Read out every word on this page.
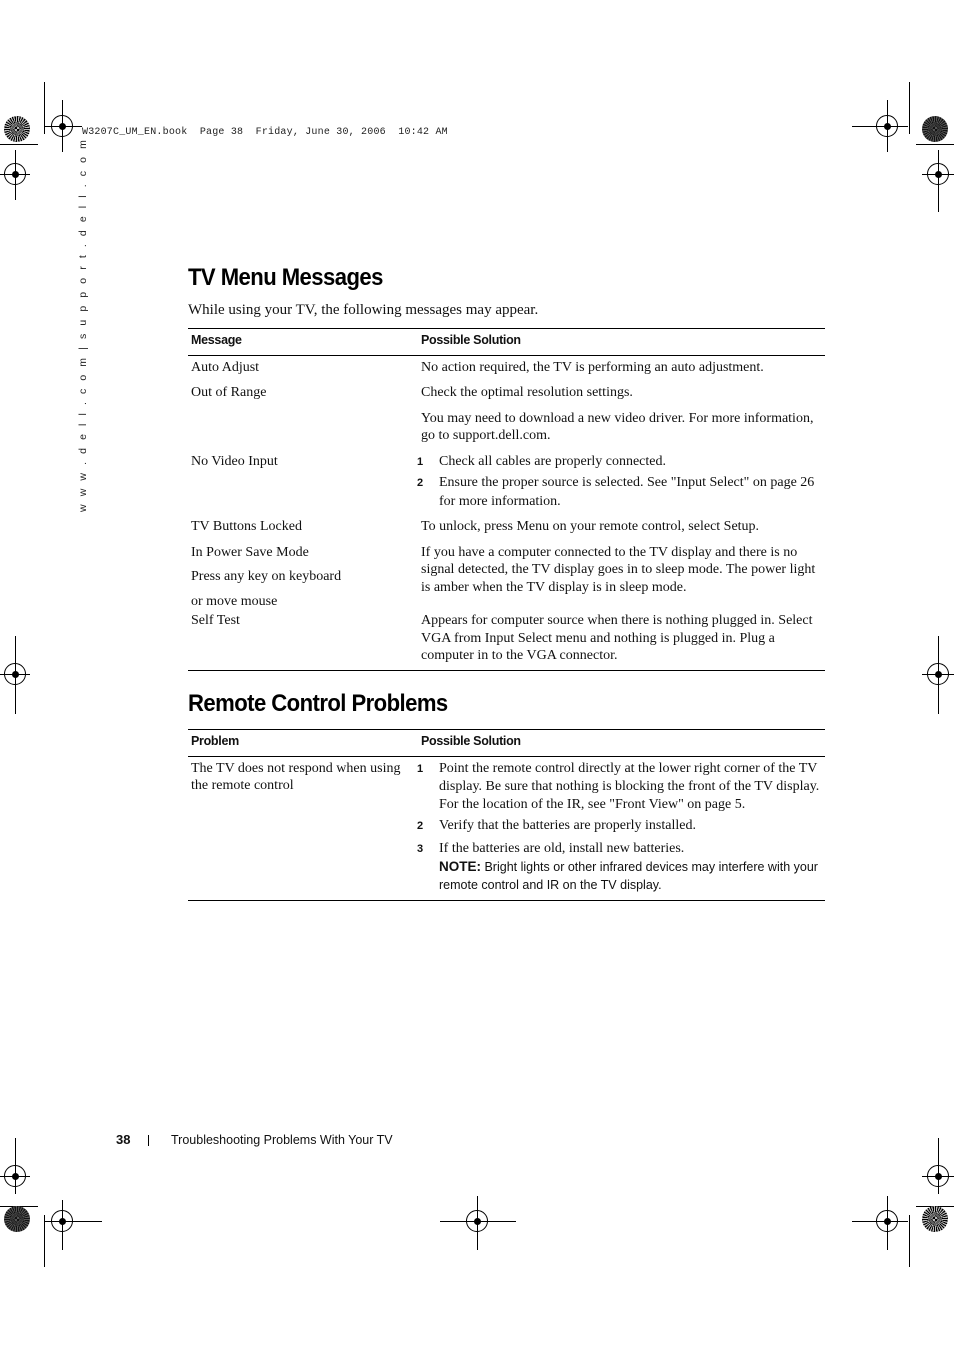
W3207C_UM_EN.book  Page 38  Friday, June 30, 2006  10:42 AM
w w w . d e l l . c o m | s u p p o r t . d e l l . c o m	TV Menu Messages
While using your TV, the following messages may appear.
Message	Possible Solution
Auto Adjust	No action required, the TV is performing an auto adjustment.
Out of Range	Check the optimal resolution settings.
You may need to download a new video driver. For more information, go to support.dell.com.

No Video Input	1 Check all cables are properly connected.
2 Ensure the proper source is selected. See "Input Select" on page 26 for more information.

TV Buttons Locked	To unlock, press Menu on your remote control, select Setup.

In Power Save Mode
Press any key on keyboard
or move mouse	If you have a computer connected to the TV display and there is no signal detected, the TV display goes in to sleep mode. The power light is amber when the TV display is in sleep mode.
Self Test	Appears for computer source when there is nothing plugged in. Select VGA from Input Select menu and nothing is plugged in. Plug a computer in to the VGA connector.
Remote Control Problems
Problem	Possible Solution
The TV does not respond when using the remote control	1 Point the remote control directly at the lower right corner of the TV display. Be sure that nothing is blocking the front of the TV display. For the location of the IR, see "Front View" on page 5.
2 Verify that the batteries are properly installed.
3 If the batteries are old, install new batteries.
NOTE: Bright lights or other infrared devices may interfere with your remote control and IR on the TV display.
38	Troubleshooting Problems With Your TV
